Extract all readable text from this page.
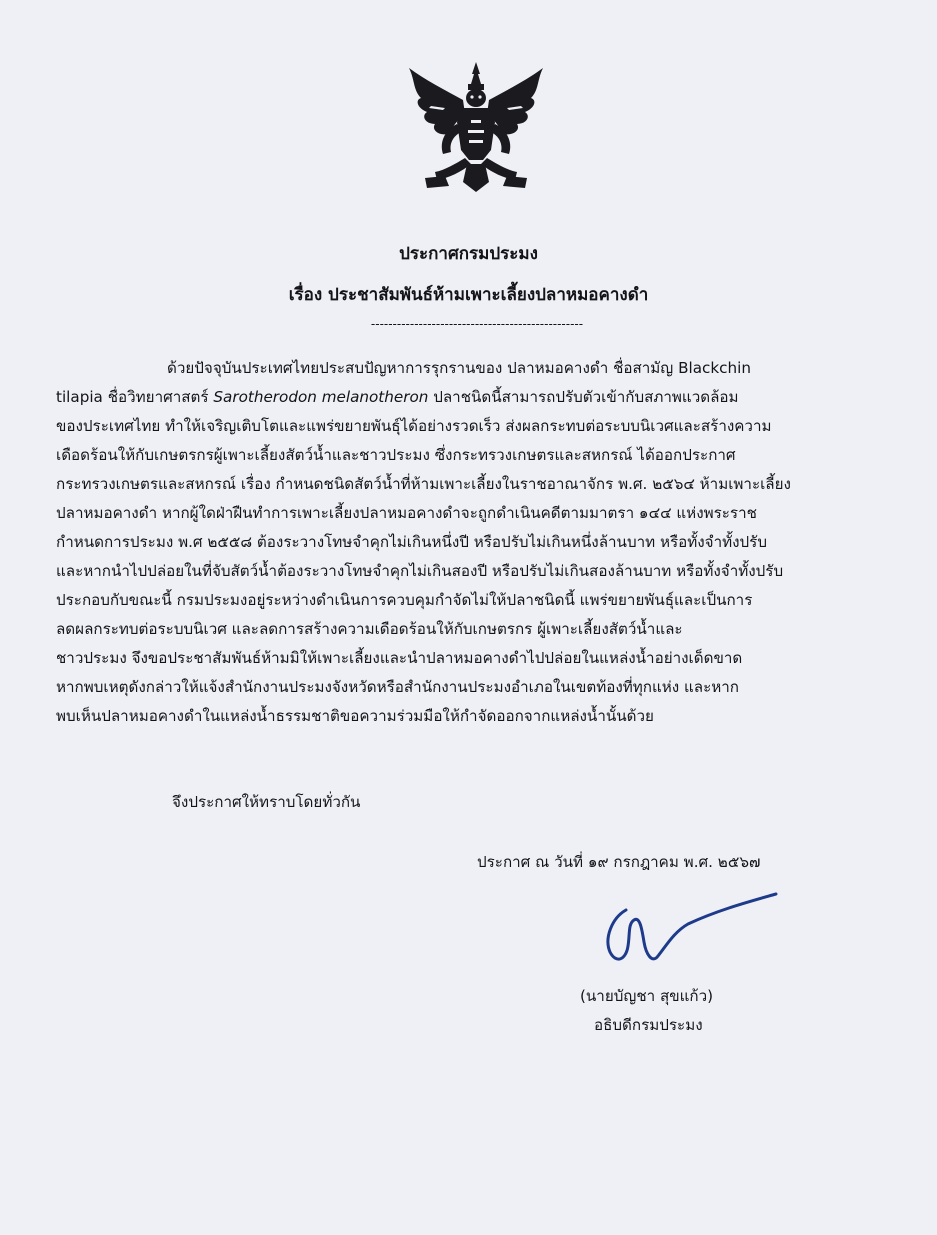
ประกาศกรมประมง
เรื่อง ประชาสัมพันธ์ห้ามเพาะเลี้ยงปลาหมอคางดำ
-------------------------------------------------
ด้วยปัจจุบันประเทศไทยประสบปัญหาการรุกรานของ ปลาหมอคางดำ ชื่อสามัญ Blackchin
tilapia ชื่อวิทยาศาสตร์ Sarotherodon melanotheron ปลาชนิดนี้สามารถปรับตัวเข้ากับสภาพแวดล้อม
ของประเทศไทย ทำให้เจริญเติบโตและแพร่ขยายพันธุ์ได้อย่างรวดเร็ว ส่งผลกระทบต่อระบบนิเวศและสร้างความ
เดือดร้อนให้กับเกษตรกรผู้เพาะเลี้ยงสัตว์น้ำและชาวประมง ซึ่งกระทรวงเกษตรและสหกรณ์ ได้ออกประกาศ
กระทรวงเกษตรและสหกรณ์ เรื่อง กำหนดชนิดสัตว์น้ำที่ห้ามเพาะเลี้ยงในราชอาณาจักร พ.ศ. ๒๕๖๔ ห้ามเพาะเลี้ยง
ปลาหมอคางดำ หากผู้ใดฝ่าฝืนทำการเพาะเลี้ยงปลาหมอคางดำจะถูกดำเนินคดีตามมาตรา ๑๔๔ แห่งพระราช
กำหนดการประมง พ.ศ ๒๕๕๘ ต้องระวางโทษจำคุกไม่เกินหนึ่งปี หรือปรับไม่เกินหนึ่งล้านบาท หรือทั้งจำทั้งปรับ
และหากนำไปปล่อยในที่จับสัตว์น้ำต้องระวางโทษจำคุกไม่เกินสองปี หรือปรับไม่เกินสองล้านบาท หรือทั้งจำทั้งปรับ
ประกอบกับขณะนี้ กรมประมงอยู่ระหว่างดำเนินการควบคุมกำจัดไม่ให้ปลาชนิดนี้ แพร่ขยายพันธุ์และเป็นการ
ลดผลกระทบต่อระบบนิเวศ และลดการสร้างความเดือดร้อนให้กับเกษตรกร ผู้เพาะเลี้ยงสัตว์น้ำและ
ชาวประมง จึงขอประชาสัมพันธ์ห้ามมิให้เพาะเลี้ยงและนำปลาหมอคางดำไปปล่อยในแหล่งน้ำอย่างเด็ดขาด
หากพบเหตุดังกล่าวให้แจ้งสำนักงานประมงจังหวัดหรือสำนักงานประมงอำเภอในเขตท้องที่ทุกแห่ง และหาก
พบเห็นปลาหมอคางดำในแหล่งน้ำธรรมชาติขอความร่วมมือให้กำจัดออกจากแหล่งน้ำนั้นด้วย
จึงประกาศให้ทราบโดยทั่วกัน
ประกาศ ณ วันที่ ๑๙ กรกฎาคม พ.ศ. ๒๕๖๗
(นายบัญชา สุขแก้ว)
อธิบดีกรมประมง
